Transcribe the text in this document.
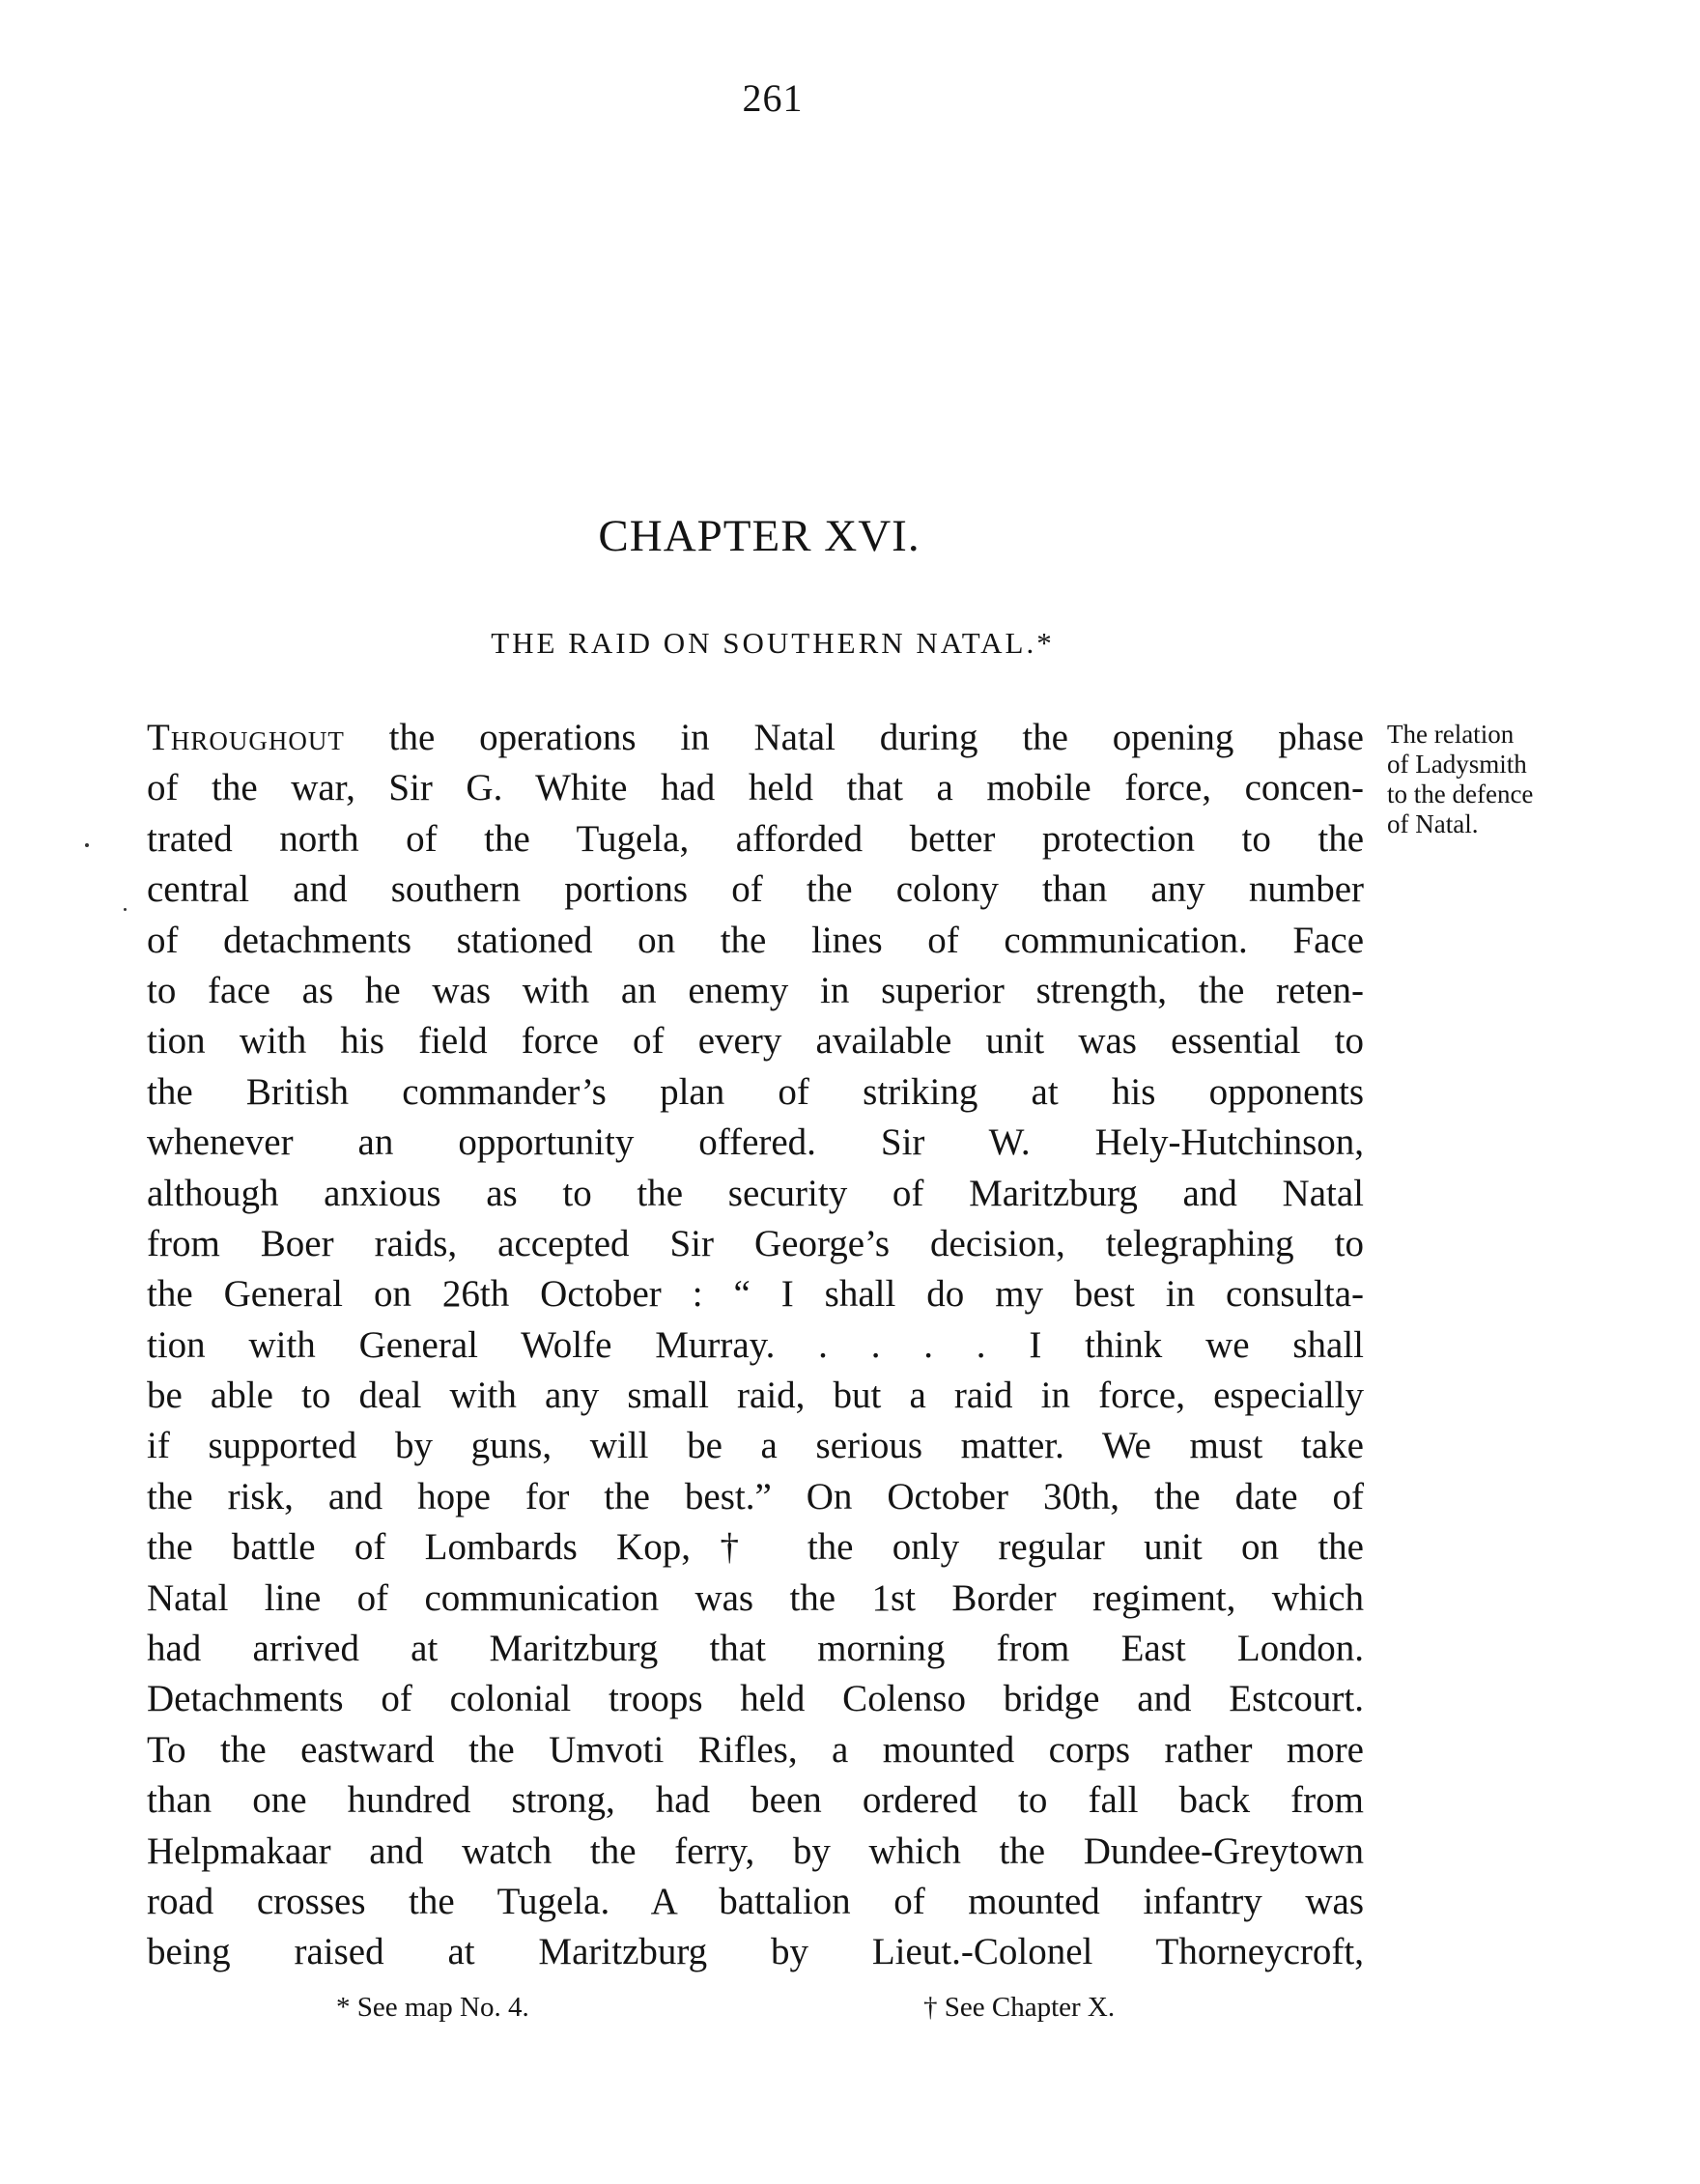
261
CHAPTER XVI.
THE RAID ON SOUTHERN NATAL.*
The relation
of Ladysmith
to the defence
of Natal.
Throughout the operations in Natal during the opening phase
of the war, Sir G. White had held that a mobile force, concen-
trated north of the Tugela, afforded better protection to the
central and southern portions of the colony than any number
of detachments stationed on the lines of communication. Face
to face as he was with an enemy in superior strength, the reten-
tion with his field force of every available unit was essential to
the British commander’s plan of striking at his opponents
whenever an opportunity offered. Sir W. Hely-Hutchinson,
although anxious as to the security of Maritzburg and Natal
from Boer raids, accepted Sir George’s decision, telegraphing to
the General on 26th October : “ I shall do my best in consulta-
tion with General Wolfe Murray. . . . . I think we shall
be able to deal with any small raid, but a raid in force, especially
if supported by guns, will be a serious matter. We must take
the risk, and hope for the best.” On October 30th, the date of
the battle of Lombards Kop,† the only regular unit on the
Natal line of communication was the 1st Border regiment, which
had arrived at Maritzburg that morning from East London.
Detachments of colonial troops held Colenso bridge and Estcourt.
To the eastward the Umvoti Rifles, a mounted corps rather more
than one hundred strong, had been ordered to fall back from
Helpmakaar and watch the ferry, by which the Dundee-Greytown
road crosses the Tugela. A battalion of mounted infantry was
being raised at Maritzburg by Lieut.-Colonel Thorneycroft,
* See map No. 4.	† See Chapter X.
